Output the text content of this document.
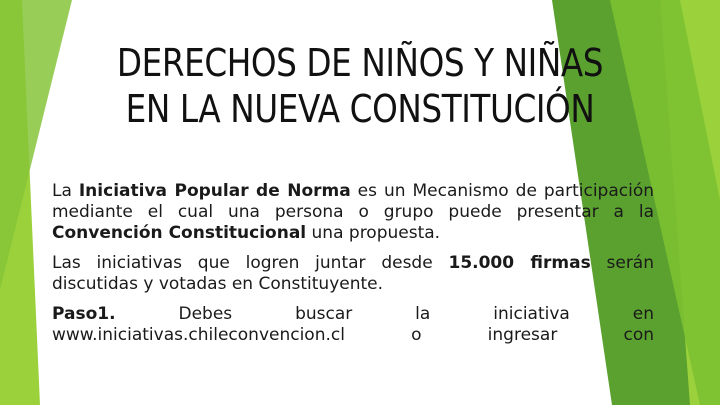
DERECHOS DE NIÑOS Y NIÑAS
EN LA NUEVA CONSTITUCIÓN

La Iniciativa Popular de Norma es un Mecanismo de participación mediante el cual una persona o grupo puede presentar a la Convención Constitucional una propuesta.

Las iniciativas que logren juntar desde 15.000 firmas serán discutidas y votadas en Constituyente.

Paso1. Debes buscar la iniciativa en www.iniciativas.chileconvencion.cl o ingresar con
